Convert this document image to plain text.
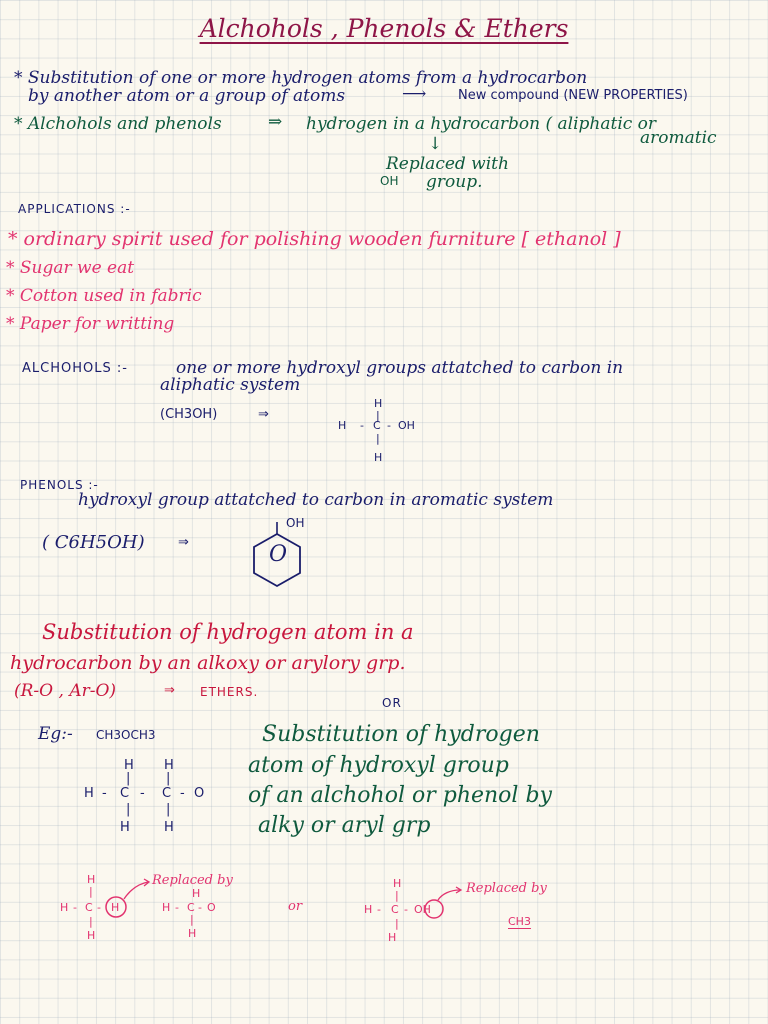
Alchohols , Phenols & Ethers
* Substitution of one or more hydrogen atoms from a hydrocarbon
by another atom or a group of atoms	⟶ New compound (NEW PROPERTIES)
* Alchohols and phenols	⇒ hydrogen in a hydrocarbon ( aliphatic or
aromatic
↓
Replaced with
OH group.
APPLICATIONS :-
* ordinary spirit used for polishing wooden furniture [ ethanol ]
* Sugar we eat
* Cotton used in fabric
* Paper for writting
ALCHOHOLS :-	one or more hydroxyl groups attatched to carbon in
aliphatic system
(CH3OH)	⇒
H
|
H - C - OH
|
H
PHENOLS :-
hydroxyl group attatched to carbon in aromatic system
( C6H5OH)	⇒
OH
O
Substitution of hydrogen atom in a
hydrocarbon by an alkoxy or arylory grp.
(R-O , Ar-O)	⇒ ETHERS.
OR
Eg:- CH3OCH3	Substitution of hydrogen
atom of hydroxyl group
of an alchohol or phenol by
alky or aryl grp
H H
|	|
H - C - C - O
|	|
H	H
H
|
H - C - H
|
H
Replaced by
H
H - C - O
|
H
or
H
|
H - C - OH
|
H
Replaced by
CH3
